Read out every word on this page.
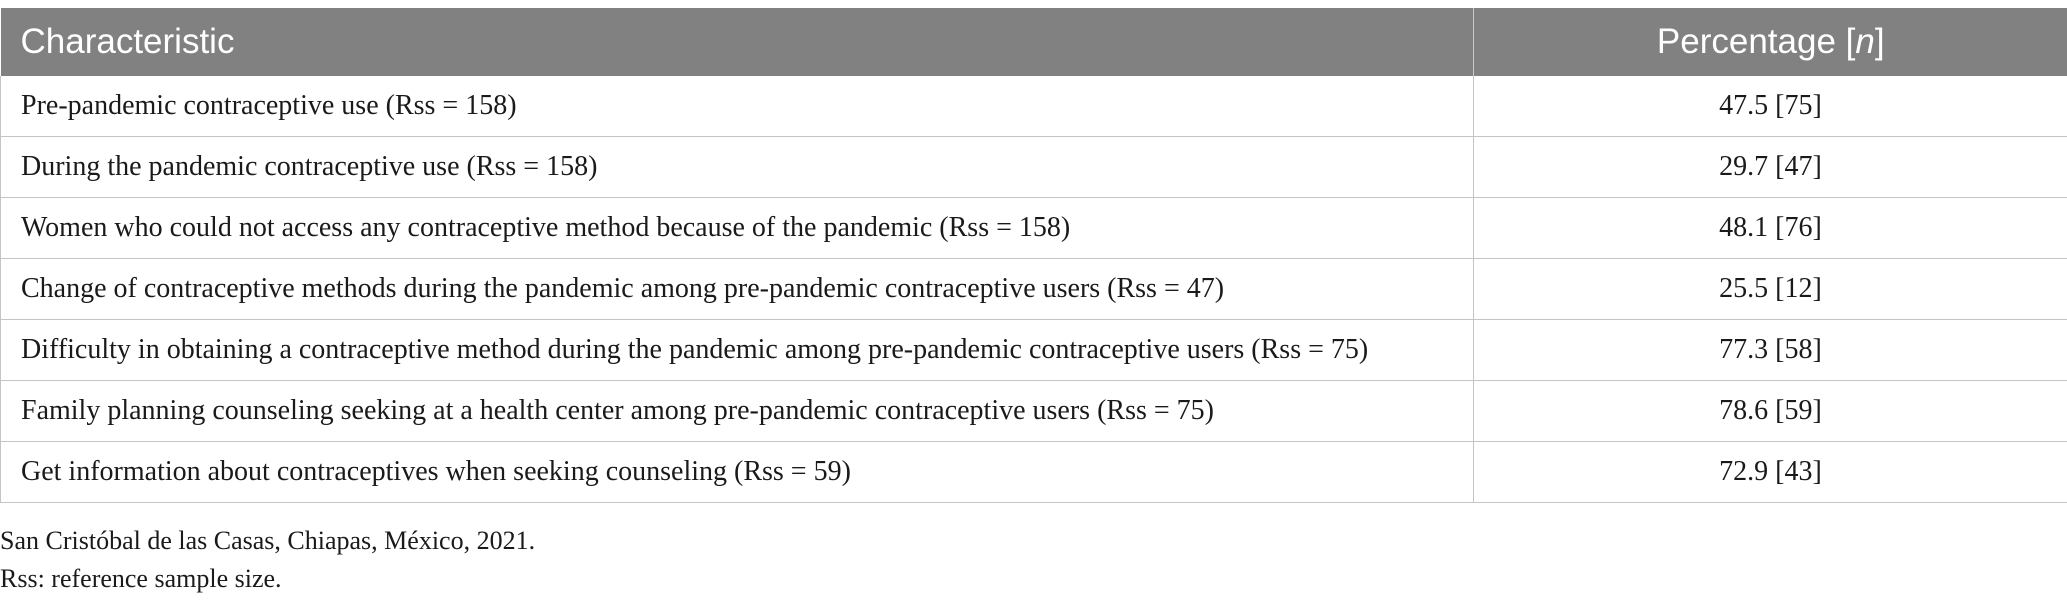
Characteristic	Percentage [n]
Pre-pandemic contraceptive use (Rss = 158)	47.5 [75]
During the pandemic contraceptive use (Rss = 158)	29.7 [47]
Women who could not access any contraceptive method because of the pandemic (Rss = 158)	48.1 [76]
Change of contraceptive methods during the pandemic among pre-pandemic contraceptive users (Rss = 47)	25.5 [12]
Difficulty in obtaining a contraceptive method during the pandemic among pre-pandemic contraceptive users (Rss = 75)	77.3 [58]
Family planning counseling seeking at a health center among pre-pandemic contraceptive users (Rss = 75)	78.6 [59]
Get information about contraceptives when seeking counseling (Rss = 59)	72.9 [43]
San Cristóbal de las Casas, Chiapas, México, 2021.
Rss: reference sample size.
